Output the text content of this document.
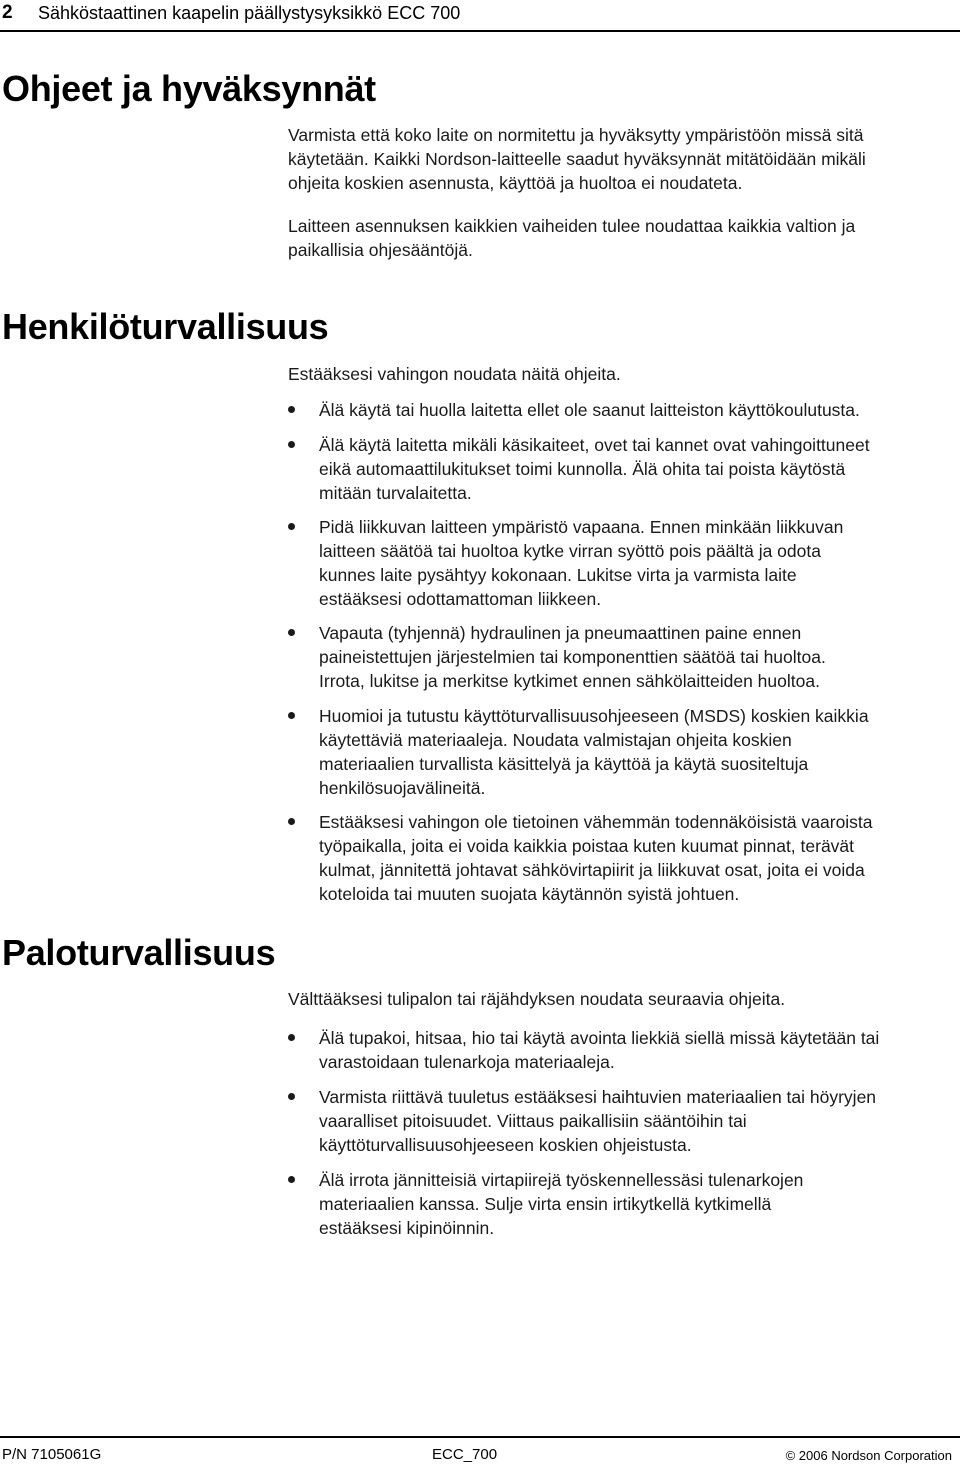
2 Sähköstaattinen kaapelin päällystysyksikkö ECC 700
Ohjeet ja hyväksynnät
Varmista että koko laite on normitettu ja hyväksytty ympäristöön missä sitä
käytetään. Kaikki Nordson-laitteelle saadut hyväksynnät mitätöidään mikäli
ohjeita koskien asennusta, käyttöä ja huoltoa ei noudateta.
Laitteen asennuksen kaikkien vaiheiden tulee noudattaa kaikkia valtion ja
paikallisia ohjesääntöjä.
Henkilöturvallisuus
Estääksesi vahingon noudata näitä ohjeita.
Älä käytä tai huolla laitetta ellet ole saanut laitteiston käyttökoulutusta.
Älä käytä laitetta mikäli käsikaiteet, ovet tai kannet ovat vahingoittuneet
eikä automaattilukitukset toimi kunnolla. Älä ohita tai poista käytöstä
mitään turvalaitetta.
Pidä liikkuvan laitteen ympäristö vapaana. Ennen minkään liikkuvan
laitteen säätöä tai huoltoa kytke virran syöttö pois päältä ja odota
kunnes laite pysähtyy kokonaan. Lukitse virta ja varmista laite
estääksesi odottamattoman liikkeen.
Vapauta (tyhjennä) hydraulinen ja pneumaattinen paine ennen
paineistettujen järjestelmien tai komponenttien säätöä tai huoltoa.
Irrota, lukitse ja merkitse kytkimet ennen sähkölaitteiden huoltoa.
Huomioi ja tutustu käyttöturvallisuusohjeeseen (MSDS) koskien kaikkia
käytettäviä materiaaleja. Noudata valmistajan ohjeita koskien
materiaalien turvallista käsittelyä ja käyttöä ja käytä suositeltuja
henkilösuojavälineitä.
Estääksesi vahingon ole tietoinen vähemmän todennäköisistä vaaroista
työpaikalla, joita ei voida kaikkia poistaa kuten kuumat pinnat, terävät
kulmat, jännitettä johtavat sähkövirtapiirit ja liikkuvat osat, joita ei voida
koteloida tai muuten suojata käytännön syistä johtuen.
Paloturvallisuus
Välttääksesi tulipalon tai räjähdyksen noudata seuraavia ohjeita.
Älä tupakoi, hitsaa, hio tai käytä avointa liekkiä siellä missä käytetään tai
varastoidaan tulenarkoja materiaaleja.
Varmista riittävä tuuletus estääksesi haihtuvien materiaalien tai höyryjen
vaaralliset pitoisuudet. Viittaus paikallisiin sääntöihin tai
käyttöturvallisuusohjeeseen koskien ohjeistusta.
Älä irrota jännitteisiä virtapiirejä työskennellessäsi tulenarkojen
materiaalien kanssa. Sulje virta ensin irtikytkellä kytkimellä
estääksesi kipinöinnin.
P/N 7105061G	ECC_700	© 2006 Nordson Corporation
